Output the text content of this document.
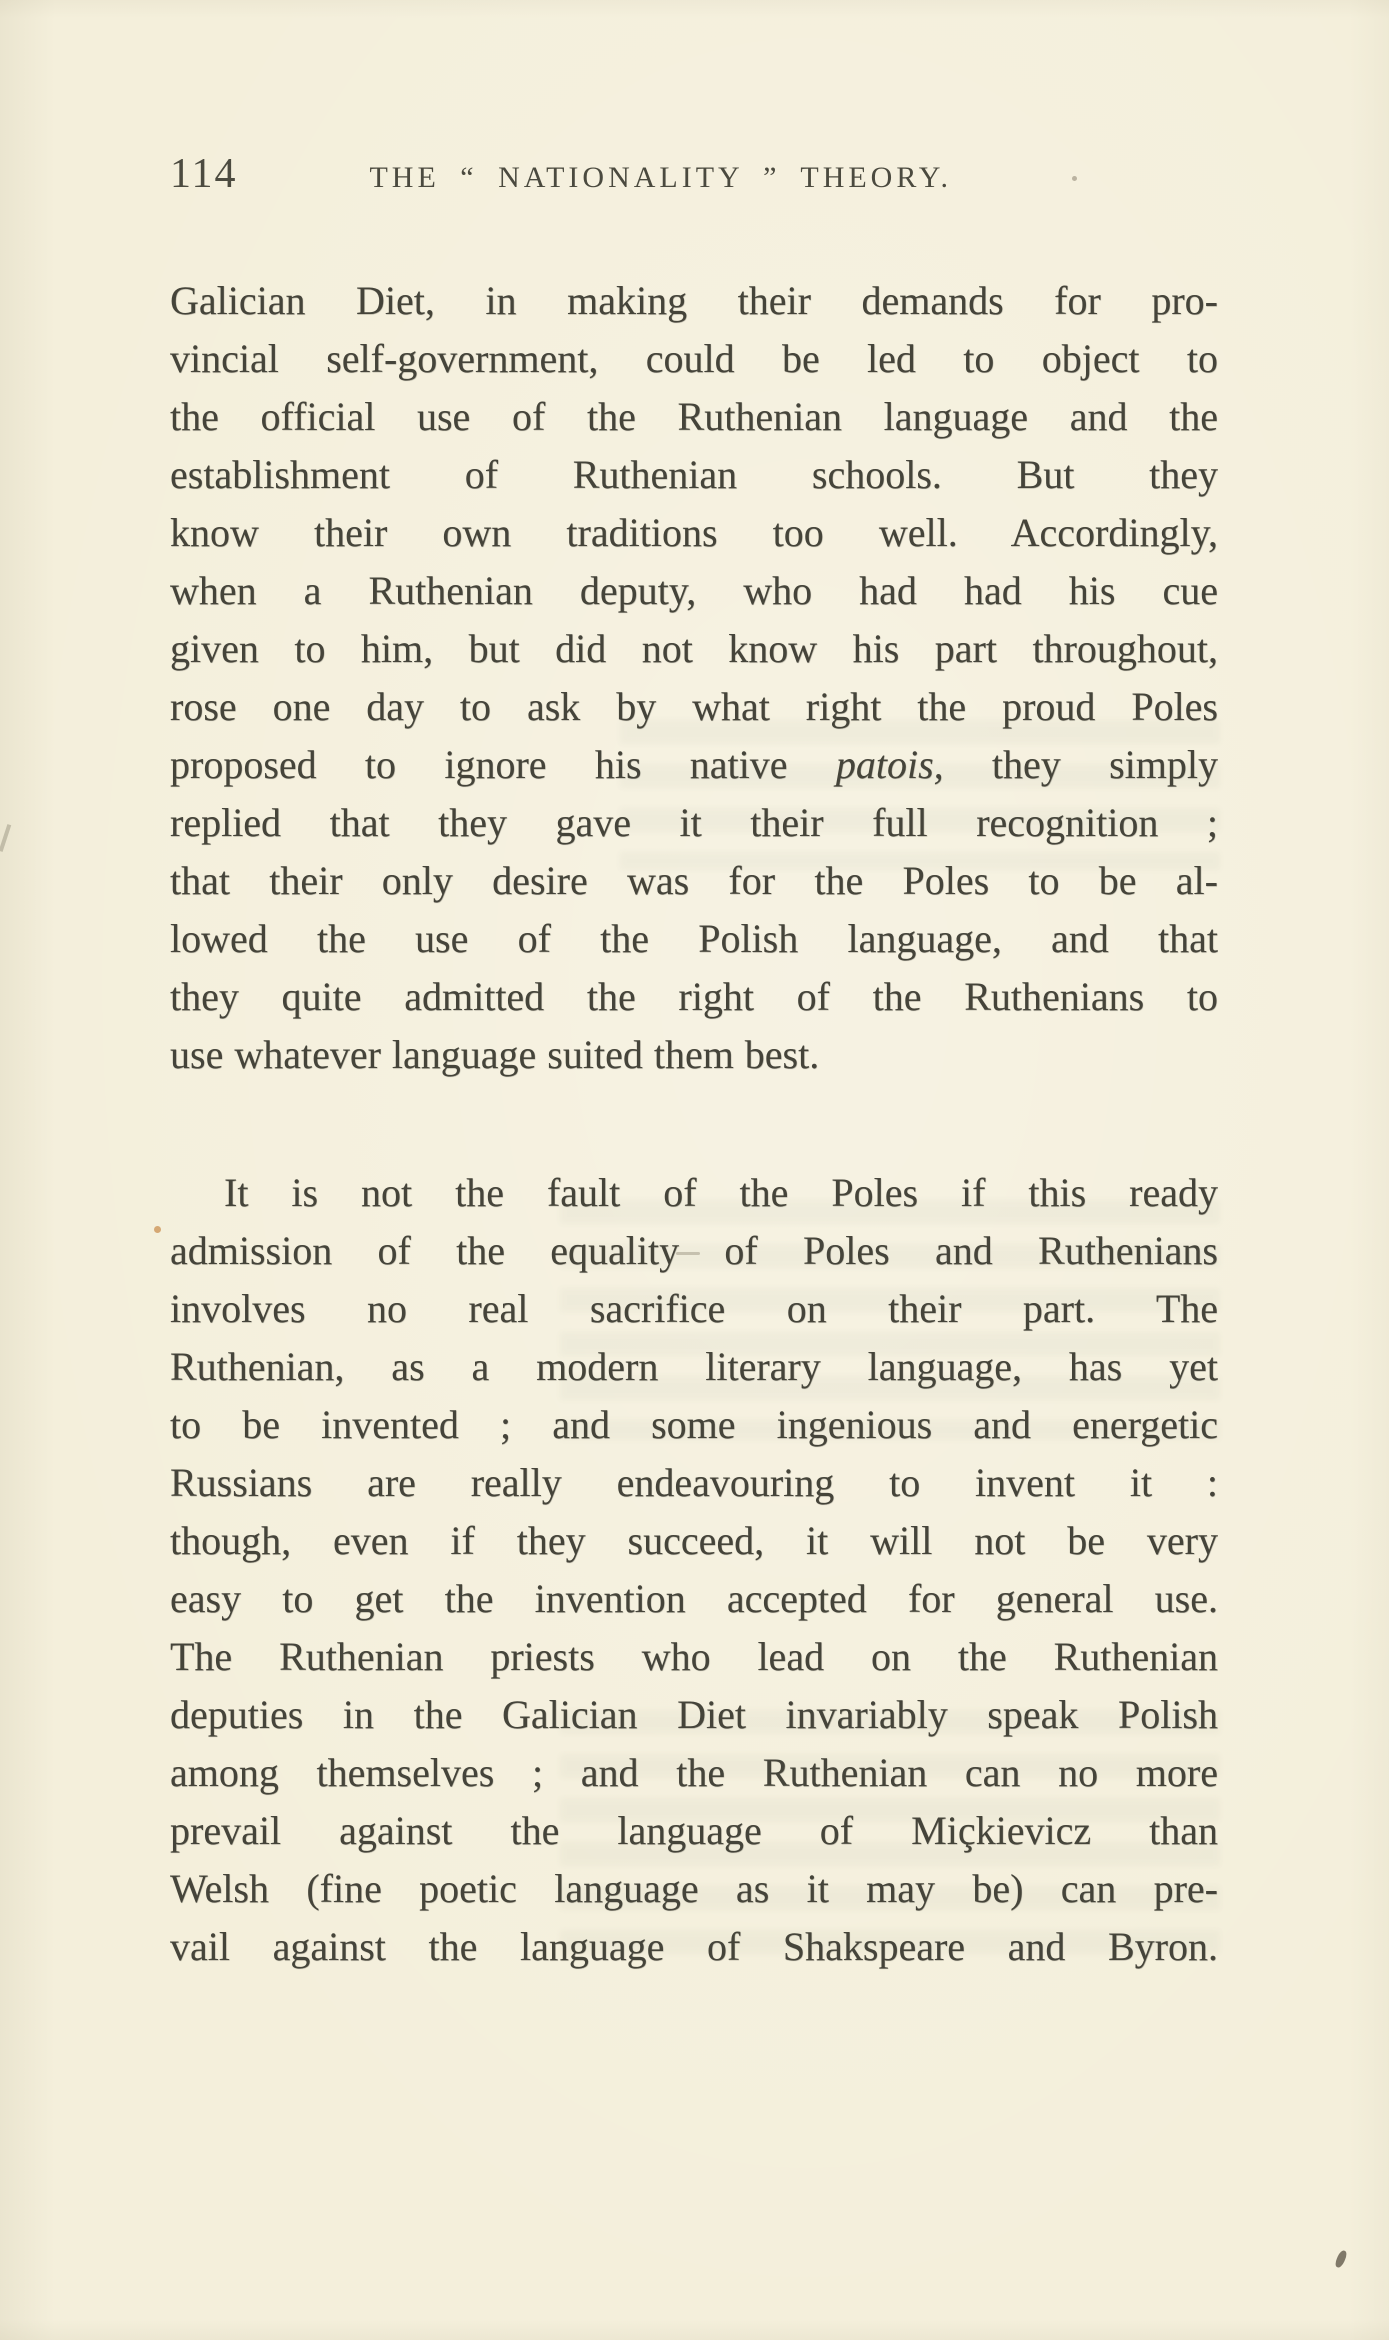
114	THE “ NATIONALITY ” THEORY.
Galician Diet, in making their demands for pro-
vincial self-government, could be led to object to
the official use of the Ruthenian language and the
establishment of Ruthenian schools. But they
know their own traditions too well. Accordingly,
when a Ruthenian deputy, who had had his cue
given to him, but did not know his part throughout,
rose one day to ask by what right the proud Poles
proposed to ignore his native patois, they simply
replied that they gave it their full recognition ;
that their only desire was for the Poles to be al-
lowed the use of the Polish language, and that
they quite admitted the right of the Ruthenians to
use whatever language suited them best.
It is not the fault of the Poles if this ready
admission of the equality of Poles and Ruthenians
involves no real sacrifice on their part. The
Ruthenian, as a modern literary language, has yet
to be invented ; and some ingenious and energetic
Russians are really endeavouring to invent it :
though, even if they succeed, it will not be very
easy to get the invention accepted for general use.
The Ruthenian priests who lead on the Ruthenian
deputies in the Galician Diet invariably speak Polish
among themselves ; and the Ruthenian can no more
prevail against the language of Miçkievicz than
Welsh (fine poetic language as it may be) can pre-
vail against the language of Shakspeare and Byron.
